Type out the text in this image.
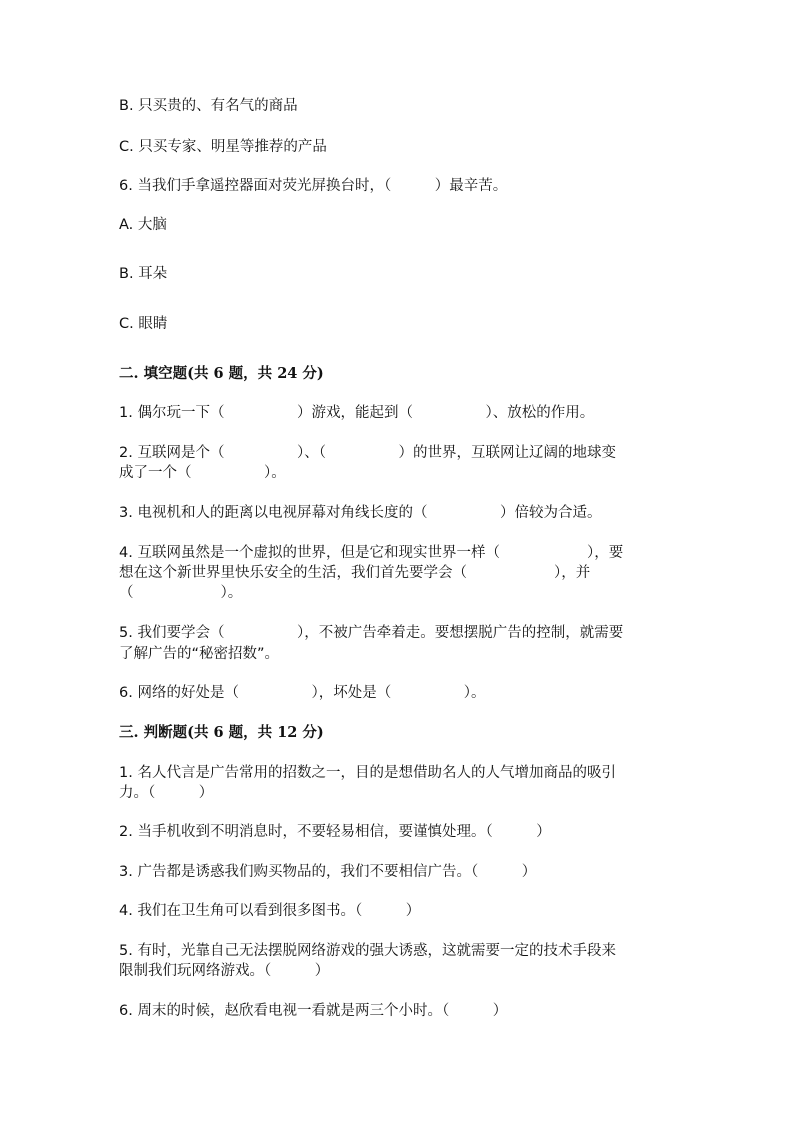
B. 只买贵的、有名气的商品

C. 只买专家、明星等推荐的产品

6. 当我们手拿遥控器面对荧光屏换台时，（　　　）最辛苦。

A. 大脑

B. 耳朵

C. 眼睛

二. 填空题(共 6 题，共 24 分)

1. 偶尔玩一下（　　　　　）游戏，能起到（　　　　　）、放松的作用。

2. 互联网是个（　　　　　）、（　　　　　）的世界，互联网让辽阔的地球变

成了一个（　　　　　）。

3. 电视机和人的距离以电视屏幕对角线长度的（　　　　　）倍较为合适。

4. 互联网虽然是一个虚拟的世界，但是它和现实世界一样（　　　　　　），要

想在这个新世界里快乐安全的生活，我们首先要学会（　　　　　　），并

（　　　　　　）。

5. 我们要学会（　　　　　），不被广告牵着走。要想摆脱广告的控制，就需要

了解广告的“秘密招数”。

6. 网络的好处是（　　　　　），坏处是（　　　　　）。

三. 判断题(共 6 题，共 12 分)

1. 名人代言是广告常用的招数之一，目的是想借助名人的人气增加商品的吸引

力。（　　　）

2. 当手机收到不明消息时，不要轻易相信，要谨慎处理。（　　　）

3. 广告都是诱惑我们购买物品的，我们不要相信广告。（　　　）

4. 我们在卫生角可以看到很多图书。（　　　）

5. 有时，光靠自己无法摆脱网络游戏的强大诱惑，这就需要一定的技术手段来

限制我们玩网络游戏。（　　　）

6. 周末的时候，赵欣看电视一看就是两三个小时。（　　　）
